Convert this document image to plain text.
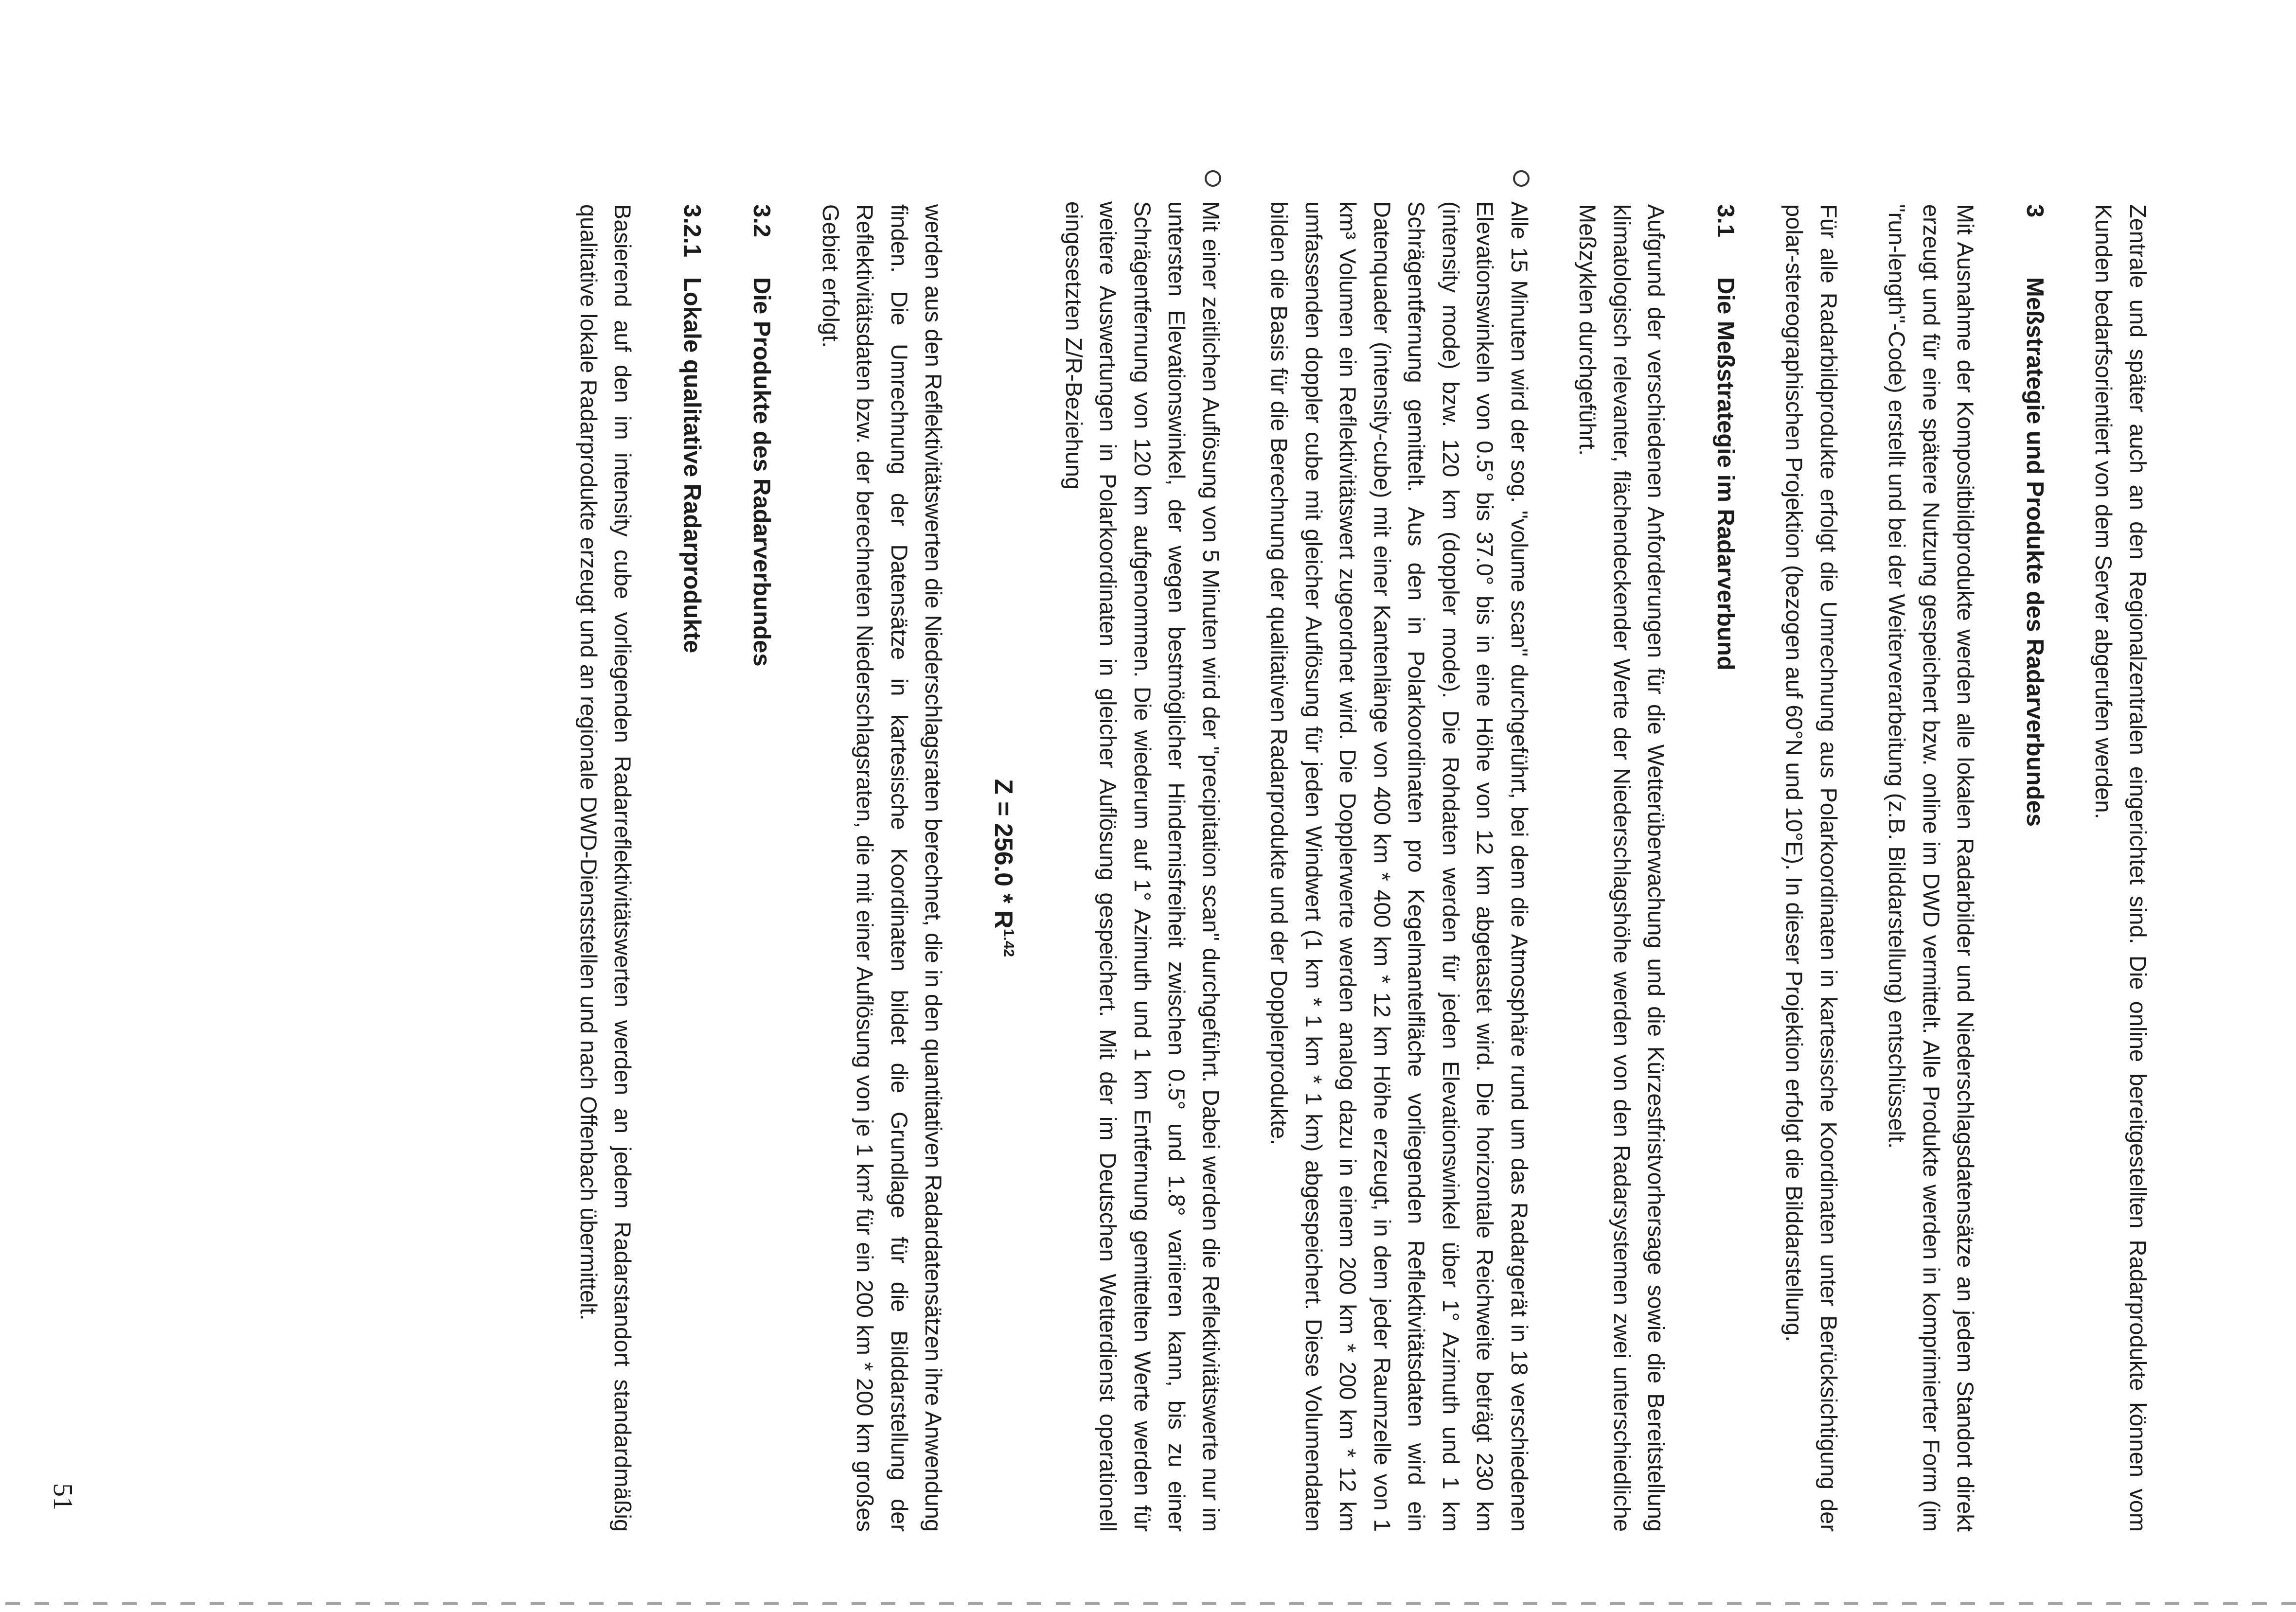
Zentrale und später auch an den Regionalzentralen eingerichtet sind. Die online bereitgestellten Radarprodukte können vom Kunden bedarfsorientiert von dem Server abgerufen werden.

3
Meßstrategie und Produkte des Radarverbundes

Mit Ausnahme der Kompositbildprodukte werden alle lokalen Radarbilder und Niederschlagsdatensätze an jedem Standort direkt erzeugt und für eine spätere Nutzung gespeichert bzw. online im DWD vermittelt. Alle Produkte werden in komprimierter Form (im "run-length"-Code) erstellt und bei der Weiterverarbeitung (z.B. Bilddarstellung) entschlüsselt.

Für alle Radarbildprodukte erfolgt die Umrechnung aus Polarkoordinaten in kartesische Koordinaten unter Berücksichtigung der polar-stereographischen Projektion (bezogen auf 60°N und 10°E). In dieser Projektion erfolgt die Bilddarstellung.

3.1
Die Meßstrategie im Radarverbund

Aufgrund der verschiedenen Anforderungen für die Wetterüberwachung und die Kürzestfristvorhersage sowie die Bereitstellung klimatologisch relevanter, flächendeckender Werte der Niederschlagshöhe werden von den Radarsystemen zwei unterschiedliche Meßzyklen durchgeführt.

Alle 15 Minuten wird der sog. "volume scan" durchgeführt, bei dem die Atmosphäre rund um das Radargerät in 18 verschiedenen Elevationswinkeln von 0.5° bis 37.0° bis in eine Höhe von 12 km abgetastet wird. Die horizontale Reichweite beträgt 230 km (intensity mode) bzw. 120 km (doppler mode). Die Rohdaten werden für jeden Elevationswinkel über 1° Azimuth und 1 km Schrägentfernung gemittelt. Aus den in Polarkoordinaten pro Kegelmantelfläche vorliegenden Reflektivitätsdaten wird ein Datenquader (intensity-cube) mit einer Kantenlänge von 400 km * 400 km * 12 km Höhe erzeugt, in dem jeder Raumzelle von 1 km³ Volumen ein Reflektivitätswert zugeordnet wird. Die Dopplerwerte werden analog dazu in einem 200 km * 200 km * 12 km umfassenden doppler cube mit gleicher Auflösung für jeden Windwert (1 km * 1 km * 1 km) abgespeichert. Diese Volumendaten bilden die Basis für die Berechnung der qualitativen Radarprodukte und der Dopplerprodukte.

Mit einer zeitlichen Auflösung von 5 Minuten wird der "precipitation scan" durchgeführt. Dabei werden die Reflektivitätswerte nur im untersten Elevationswinkel, der wegen bestmöglicher Hindernisfreiheit zwischen 0.5° und 1.8° variieren kann, bis zu einer Schrägentfernung von 120 km aufgenommen. Die wiederum auf 1° Azimuth und 1 km Entfernung gemittelten Werte werden für weitere Auswertungen in Polarkoordinaten in gleicher Auflösung gespeichert. Mit der im Deutschen Wetterdienst operationell eingesetzten Z/R-Beziehung

$Z = 256.0 * R^{1.42}$

werden aus den Reflektivitätswerten die Niederschlagsraten berechnet, die in den quantitativen Radardatensätzen ihre Anwendung finden. Die Umrechnung der Datensätze in kartesische Koordinaten bildet die Grundlage für die Bilddarstellung der Reflektivitätsdaten bzw. der berechneten Niederschlagsraten, die mit einer Auflösung von je 1 km² für ein 200 km * 200 km großes Gebiet erfolgt.

3.2
Die Produkte des Radarverbundes
3.2.1
Lokale qualitative Radarprodukte

Basierend auf den im intensity cube vorliegenden Radarreflektivitätswerten werden an jedem Radarstandort standardmäßig qualitative lokale Radarprodukte erzeugt und an regionale DWD-Dienststellen und nach Offenbach übermittelt.

51
